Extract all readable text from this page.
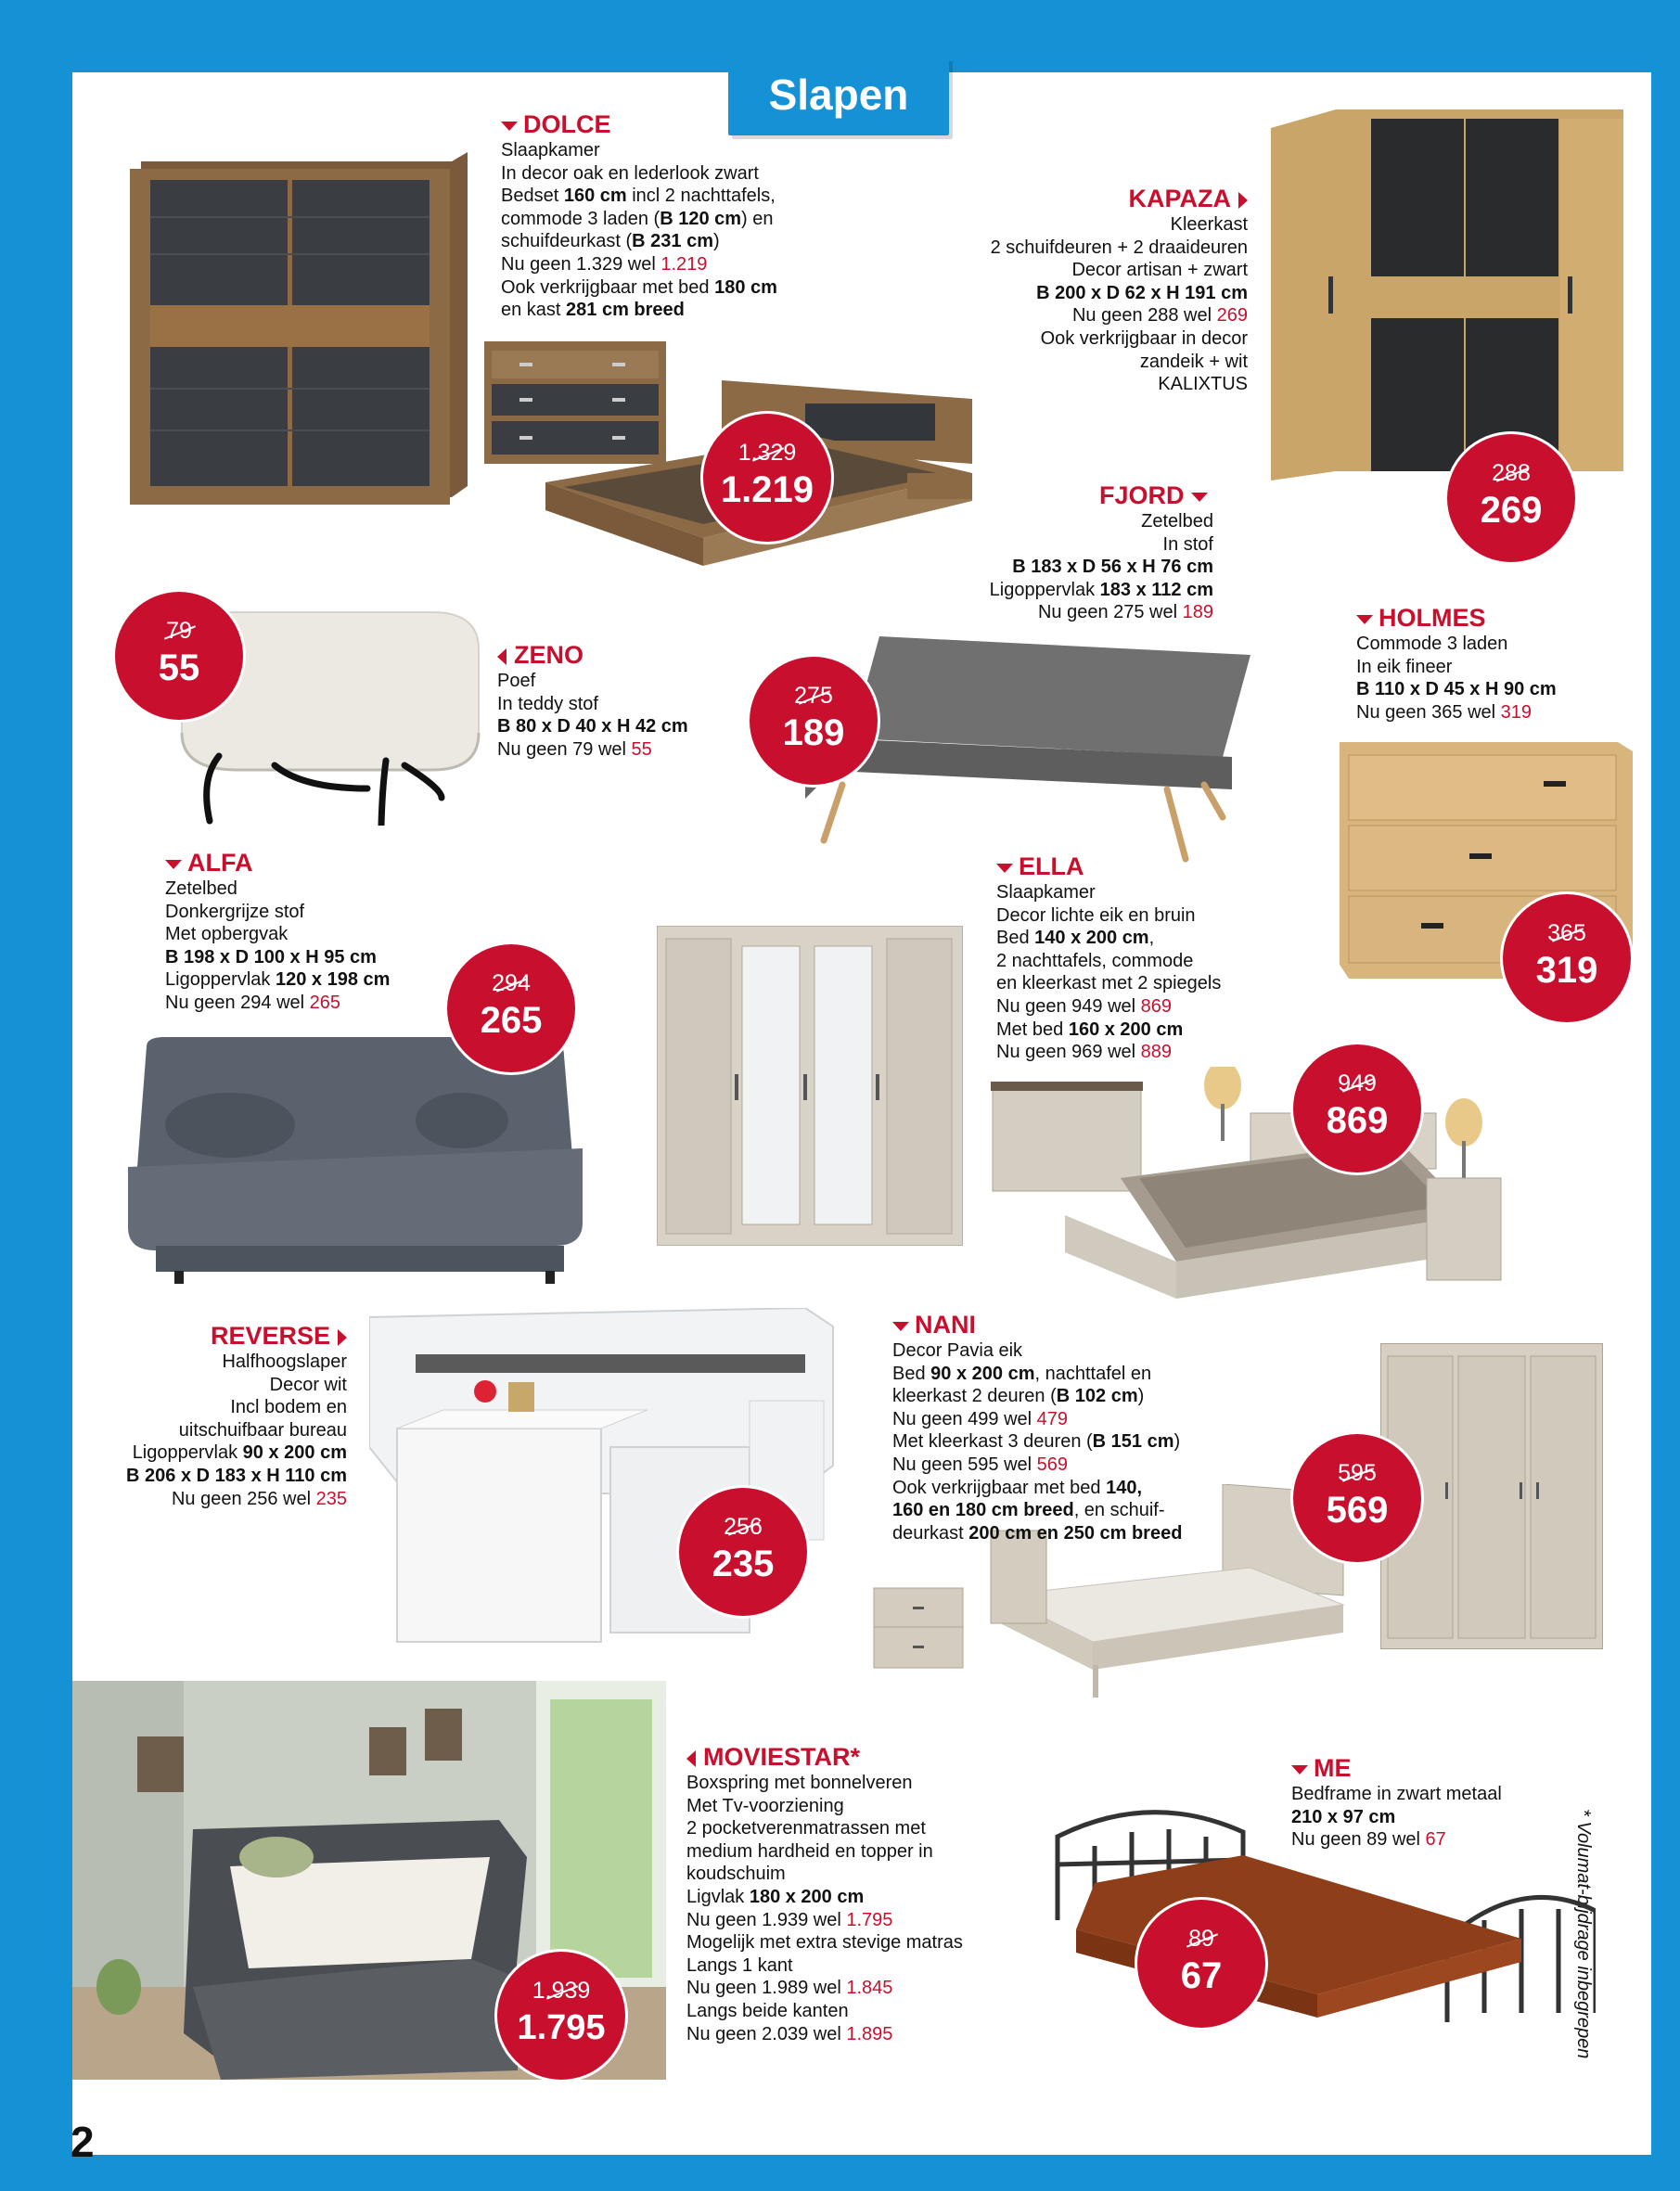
Slapen
2
* Volumat-bijdrage inbegrepen
DOLCE

Slaapkamer

In decor oak en lederlook zwart

Bedset 160 cm incl 2 nachttafels,

commode 3 laden (B 120 cm) en

schuifdeurkast (B 231 cm)

Nu geen 1.329 wel 1.219

Ook verkrijgbaar met bed 180 cm

en kast 281 cm breed

KAPAZA

Kleerkast

2 schuifdeuren + 2 draaideuren

Decor artisan + zwart

B 200 x D 62 x H 191 cm

Nu geen 288 wel 269

Ook verkrijgbaar in decor

zandeik + wit

KALIXTUS

FJORD

Zetelbed

In stof

B 183 x D 56 x H 76 cm

Ligoppervlak 183 x 112 cm

Nu geen 275 wel 189

ZENO

Poef

In teddy stof

B 80 x D 40 x H 42 cm

Nu geen 79 wel 55

HOLMES

Commode 3 laden

In eik fineer

B 110 x D 45 x H 90 cm

Nu geen 365 wel 319

ALFA

Zetelbed

Donkergrijze stof

Met opbergvak

B 198 x D 100 x H 95 cm

Ligoppervlak 120 x 198 cm

Nu geen 294 wel 265

ELLA

Slaapkamer

Decor lichte eik en bruin

Bed 140 x 200 cm,

2 nachttafels, commode

en kleerkast met 2 spiegels

Nu geen 949 wel 869

Met bed 160 x 200 cm

Nu geen 969 wel 889

REVERSE

Halfhoogslaper

Decor wit

Incl bodem en

uitschuifbaar bureau

Ligoppervlak 90 x 200 cm

B 206 x D 183 x H 110 cm

Nu geen 256 wel 235

NANI

Decor Pavia eik

Bed 90 x 200 cm, nachttafel en

kleerkast 2 deuren (B 102 cm)

Nu geen 499 wel 479

Met kleerkast 3 deuren (B 151 cm)

Nu geen 595 wel 569

Ook verkrijgbaar met bed 140,

160 en 180 cm breed, en schuif-

deurkast 200 cm en 250 cm breed

MOVIESTAR*

Boxspring met bonnelveren

Met Tv-voorziening

2 pocketverenmatrassen met

medium hardheid en topper in

koudschuim

Ligvlak 180 x 200 cm

Nu geen 1.939 wel 1.795

Mogelijk met extra stevige matras

Langs 1 kant

Nu geen 1.989 wel 1.845

Langs beide kanten

Nu geen 2.039 wel 1.895

ME

Bedframe in zwart metaal

210 x 97 cm

Nu geen 89 wel 67

1.329
1.219	288
269
79
55
275
189
294
265
365
319
949
869
256
235
595
569
1.939
1.795
89
67
